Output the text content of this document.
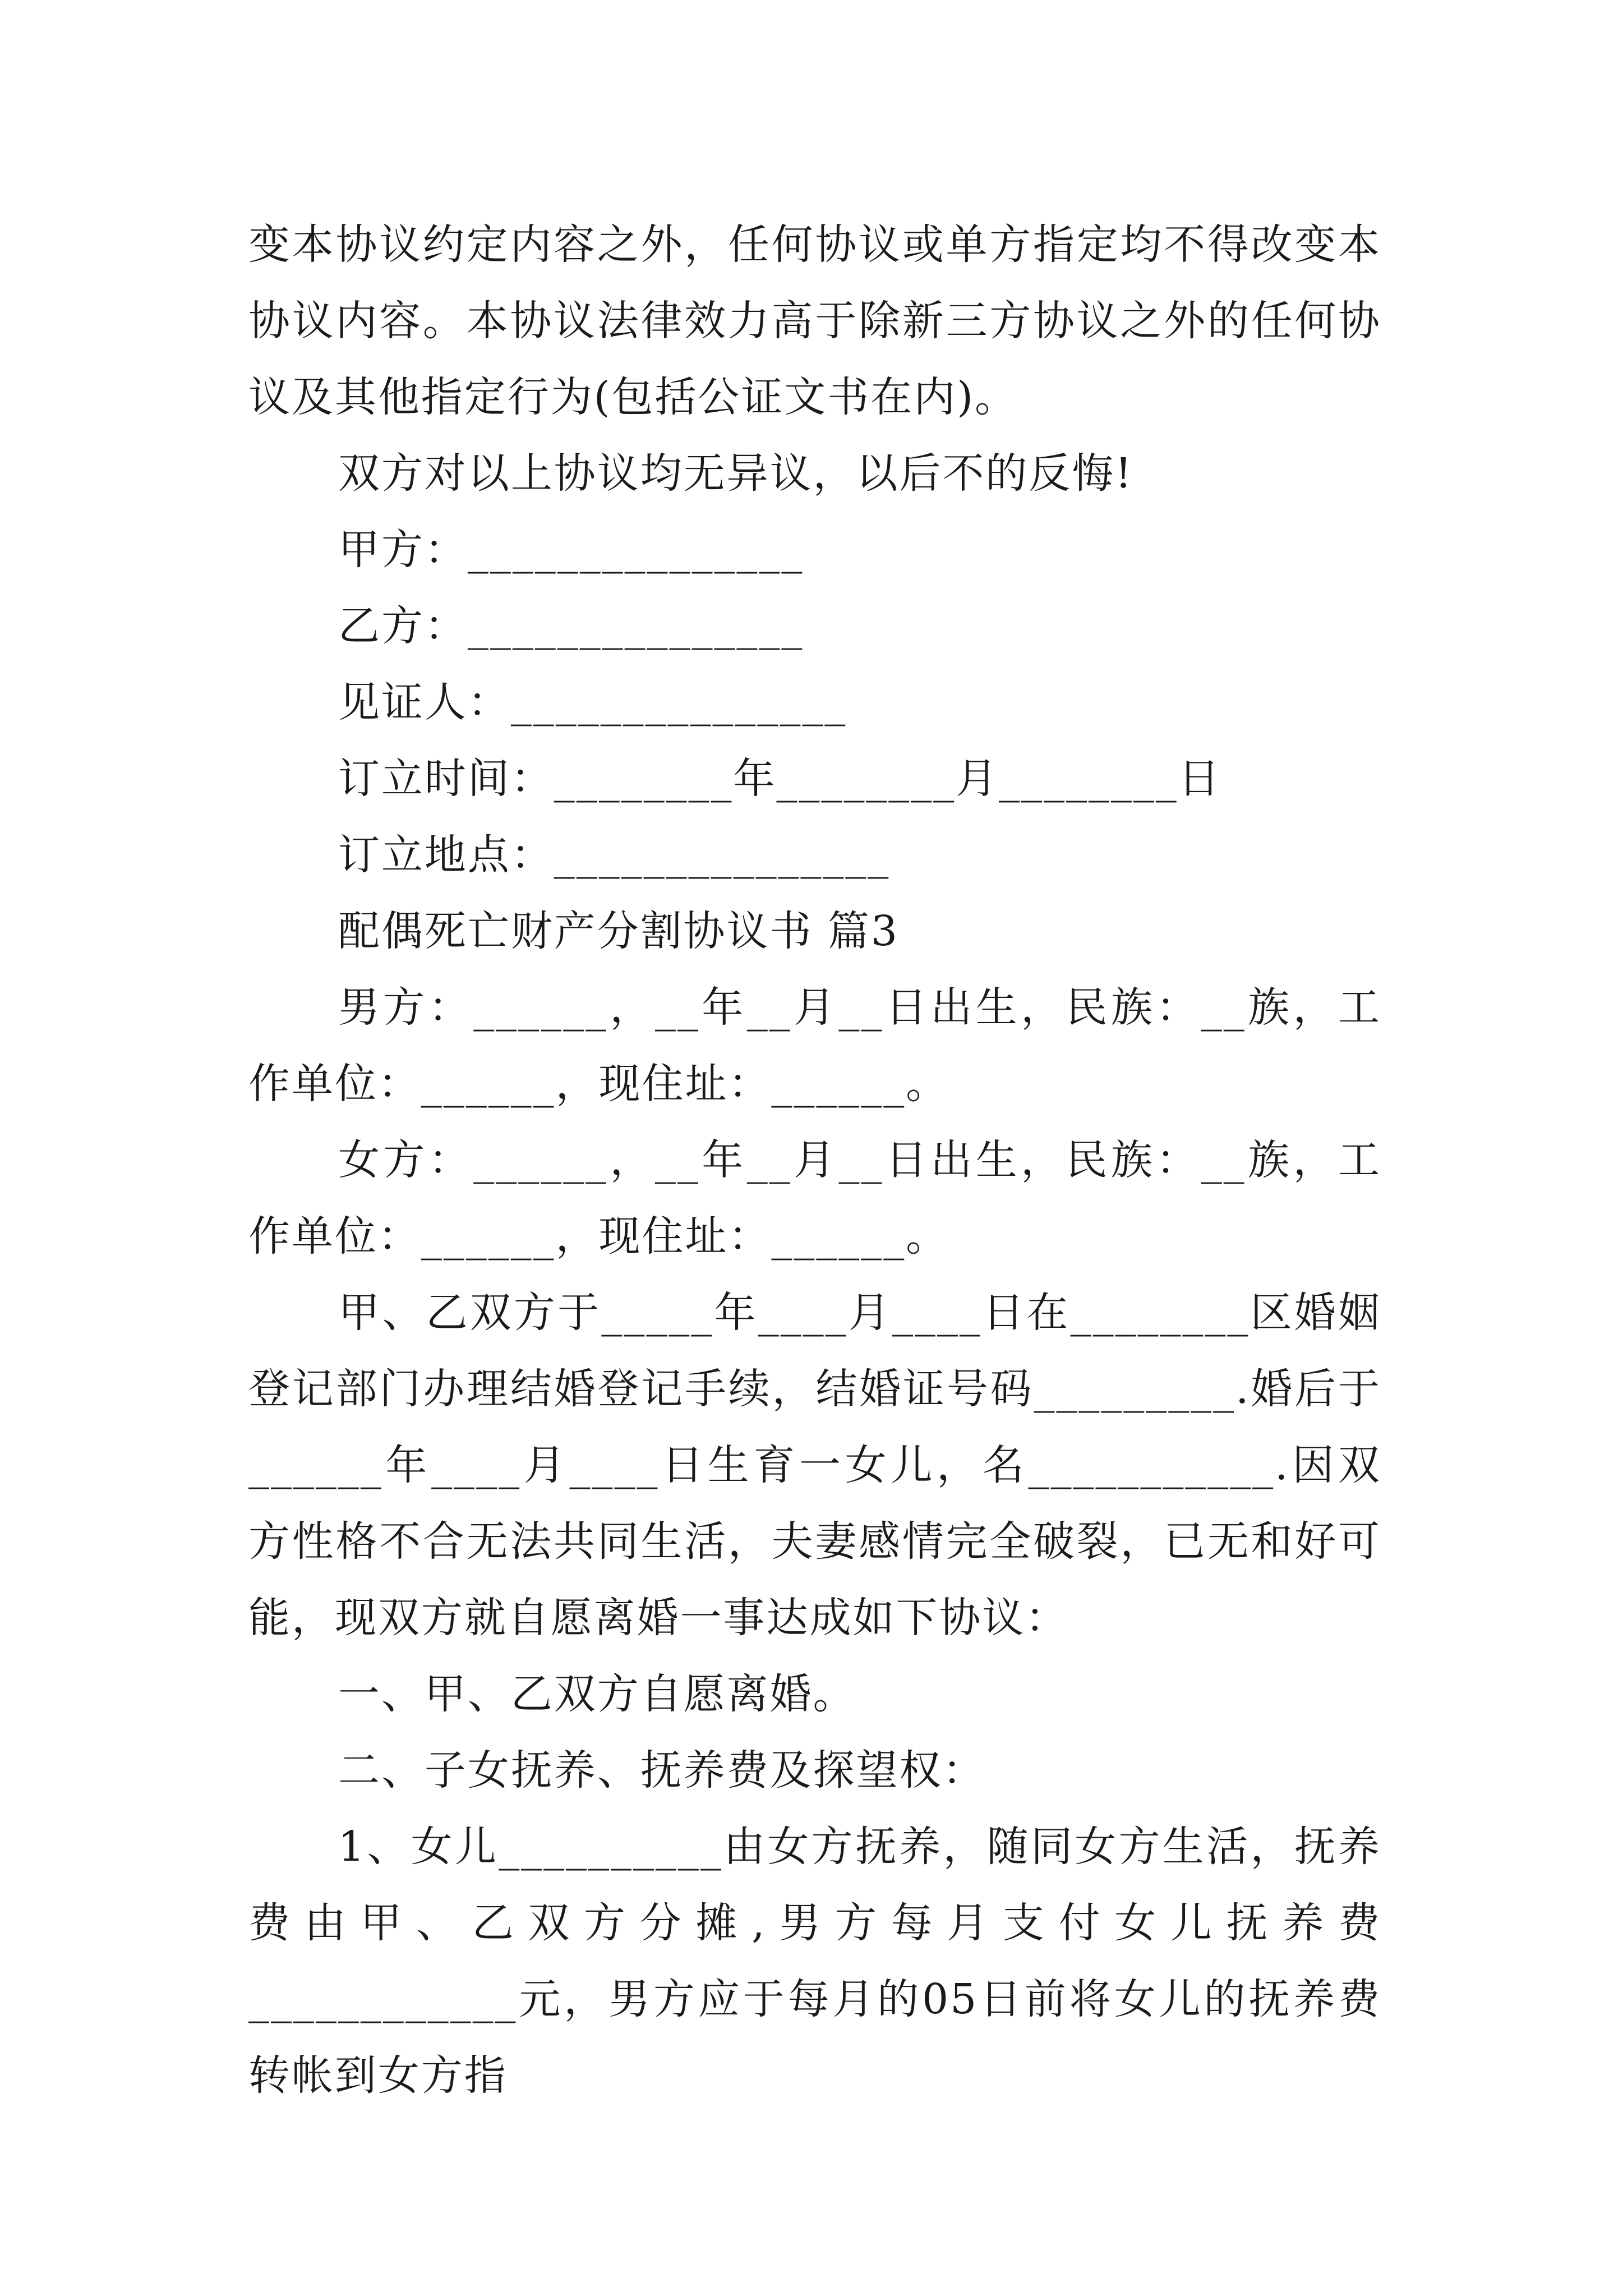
变本协议约定内容之外，任何协议或单方指定均不得改变本协议内容。本协议法律效力高于除新三方协议之外的任何协议及其他指定行为(包括公证文书在内)。

双方对以上协议均无异议，以后不的反悔!

甲方：_______________

乙方：_______________

见证人：_______________

订立时间：________年________月________日

订立地点：_______________

配偶死亡财产分割协议书 篇3

男方：______，__年__月__日出生，民族：__族，工作单位：______，现住址：______。

女方：______，__年__月__日出生，民族：__族，工作单位：______，现住址：______。

甲、乙双方于_____年____月____日在________区婚姻登记部门办理结婚登记手续，结婚证号码_________.婚后于______年____月____日生育一女儿，名___________.因双方性格不合无法共同生活，夫妻感情完全破裂，已无和好可能，现双方就自愿离婚一事达成如下协议：

一、甲、乙双方自愿离婚。

二、子女抚养、抚养费及探望权：

1、女儿__________由女方抚养，随同女方生活，抚养费由甲、乙双方分摊,男方每月支付女儿抚养费____________元，男方应于每月的05日前将女儿的抚养费转帐到女方指
